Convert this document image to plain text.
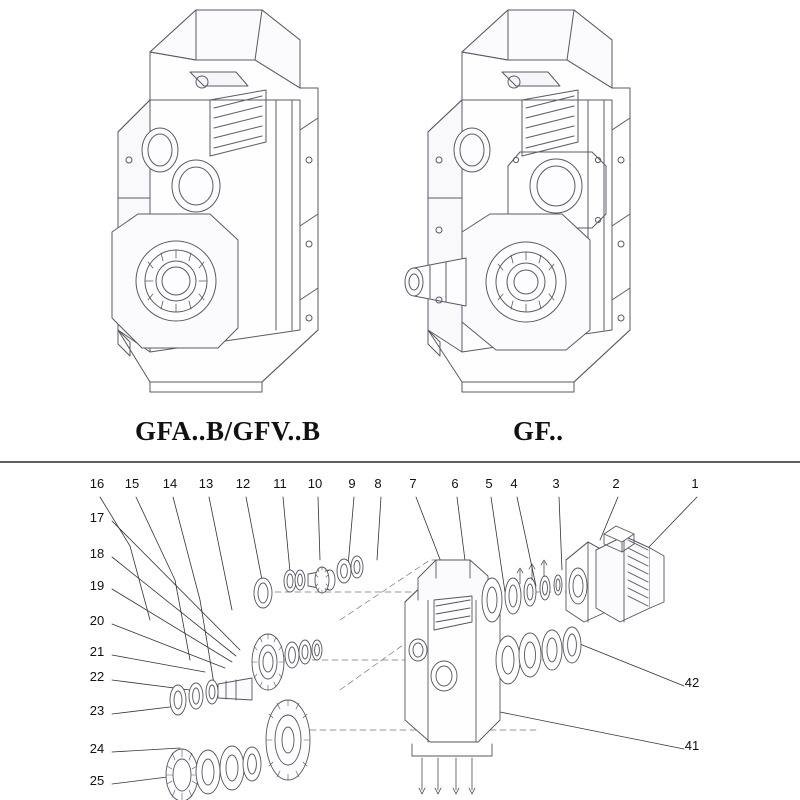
GFA..B/GFV..B	GF..
16 15 14 13 12 11 10	9	8	7	6	5	4	3	2	1
17
18
19
20
21
22
23
24
25
42
41
